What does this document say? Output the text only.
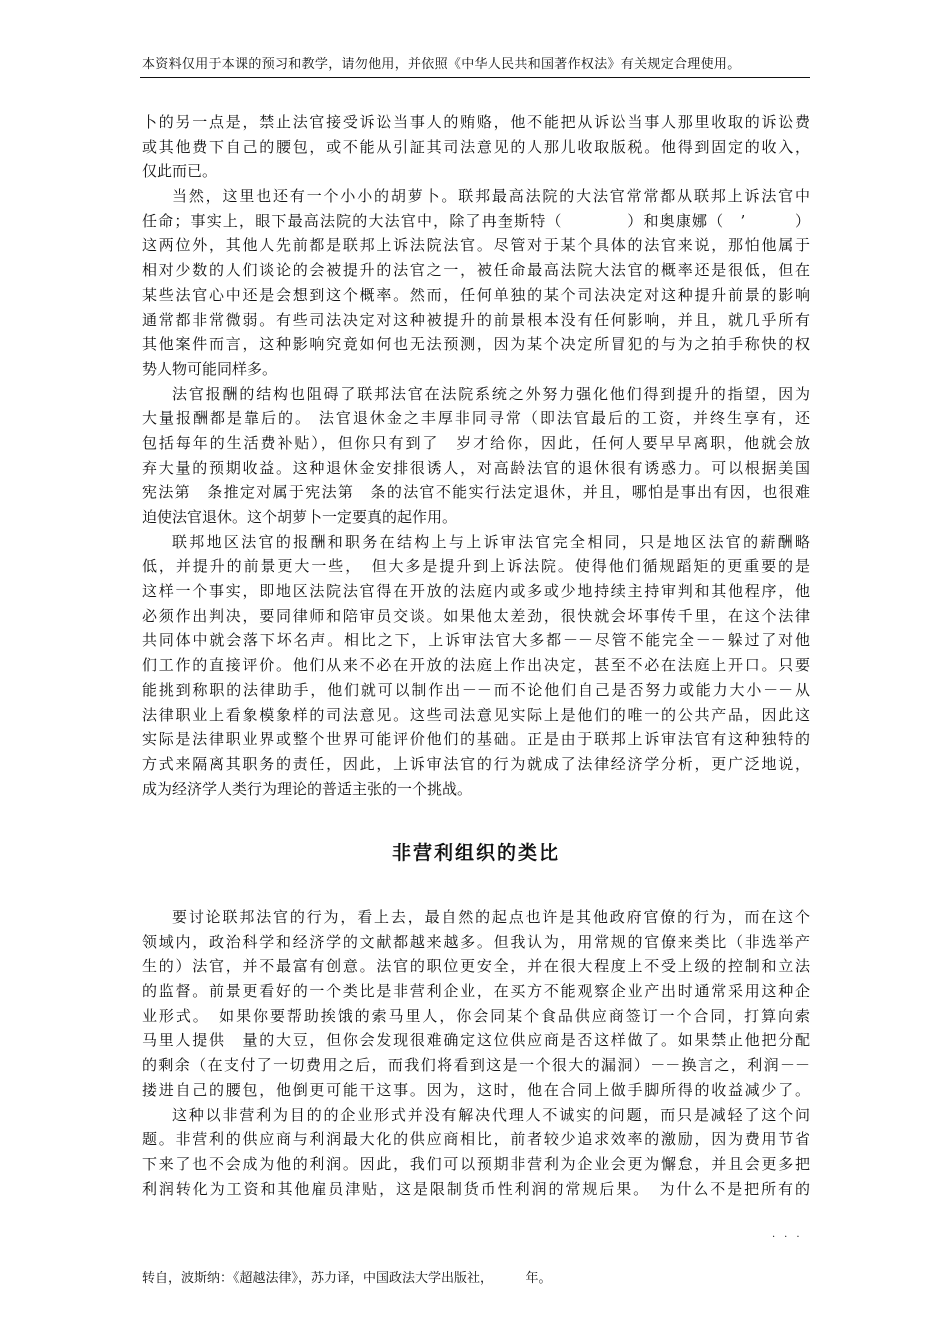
本资料仅用于本课的预习和教学，请勿他用，并依照《中华人民共和国著作权法》有关规定合理使用。
卜的另一点是，禁止法官接受诉讼当事人的贿赂，他不能把从诉讼当事人那里收取的诉讼费
或其他费下自己的腰包，或不能从引証其司法意见的人那儿收取版税。他得到固定的收入，
仅此而已。
当然，这里也还有一个小小的胡萝卜。联邦最高法院的大法官常常都从联邦上诉法官中
任命；事实上，眼下最高法院的大法官中，除了冉奎斯特（　　　　）和奥康娜（　’　　　）
这两位外，其他人先前都是联邦上诉法院法官。尽管对于某个具体的法官来说，那怕他属于
相对少数的人们谈论的会被提升的法官之一，被任命最高法院大法官的概率还是很低，但在
某些法官心中还是会想到这个概率。然而，任何单独的某个司法决定对这种提升前景的影响
通常都非常微弱。有些司法决定对这种被提升的前景根本没有任何影响，并且，就几乎所有
其他案件而言，这种影响究竟如何也无法预测，因为某个决定所冒犯的与为之拍手称快的权
势人物可能同样多。
法官报酬的结构也阻碍了联邦法官在法院系统之外努力强化他们得到提升的指望，因为
大量报酬都是靠后的。 法官退休金之丰厚非同寻常（即法官最后的工资，并终生享有，还
包括每年的生活费补贴），但你只有到了　岁才给你，因此，任何人要早早离职，他就会放
弃大量的预期收益。这种退休金安排很诱人，对高龄法官的退休很有诱惑力。可以根据美国
宪法第　条推定对属于宪法第　条的法官不能实行法定退休，并且，哪怕是事出有因，也很难
迫使法官退休。这个胡萝卜一定要真的起作用。
联邦地区法官的报酬和职务在结构上与上诉审法官完全相同，只是地区法官的薪酬略
低，并提升的前景更大一些，　但大多是提升到上诉法院。使得他们循规蹈矩的更重要的是
这样一个事实，即地区法院法官得在开放的法庭内或多或少地持续主持审判和其他程序，他
必须作出判决，要同律师和陪审员交谈。如果他太差劲，很快就会坏事传千里，在这个法律
共同体中就会落下坏名声。相比之下，上诉审法官大多都－－尽管不能完全－－躲过了对他
们工作的直接评价。他们从来不必在开放的法庭上作出决定，甚至不必在法庭上开口。只要
能挑到称职的法律助手，他们就可以制作出－－而不论他们自己是否努力或能力大小－－从
法律职业上看象模象样的司法意见。这些司法意见实际上是他们的唯一的公共产品，因此这
实际是法律职业界或整个世界可能评价他们的基础。正是由于联邦上诉审法官有这种独特的
方式来隔离其职务的责任，因此，上诉审法官的行为就成了法律经济学分析，更广泛地说，
成为经济学人类行为理论的普适主张的一个挑战。
非营利组织的类比
要讨论联邦法官的行为，看上去，最自然的起点也许是其他政府官僚的行为，而在这个
领域内，政治科学和经济学的文献都越来越多。但我认为，用常规的官僚来类比（非选举产
生的）法官，并不最富有创意。法官的职位更安全，并在很大程度上不受上级的控制和立法
的监督。前景更看好的一个类比是非营利企业，在买方不能观察企业产出时通常采用这种企
业形式。　如果你要帮助挨饿的索马里人，你会同某个食品供应商签订一个合同，打算向索
马里人提供　量的大豆，但你会发现很难确定这位供应商是否这样做了。如果禁止他把分配
的剩余（在支付了一切费用之后，而我们将看到这是一个很大的漏洞）－－换言之，利润－－
搂进自己的腰包，他倒更可能干这事。因为，这时，他在合同上做手脚所得的收益减少了。
这种以非营利为目的的企业形式并没有解决代理人不诚实的问题，而只是减轻了这个问
题。非营利的供应商与利润最大化的供应商相比，前者较少追求效率的激励，因为费用节省
下来了也不会成为他的利润。因此，我们可以预期非营利为企业会更为懈怠，并且会更多把
利润转化为工资和其他雇员津贴，这是限制货币性利润的常规后果。　为什么不是把所有的
...
转自，波斯纳：《超越法律》，苏力译，中国政法大学出版社，　　　年。
